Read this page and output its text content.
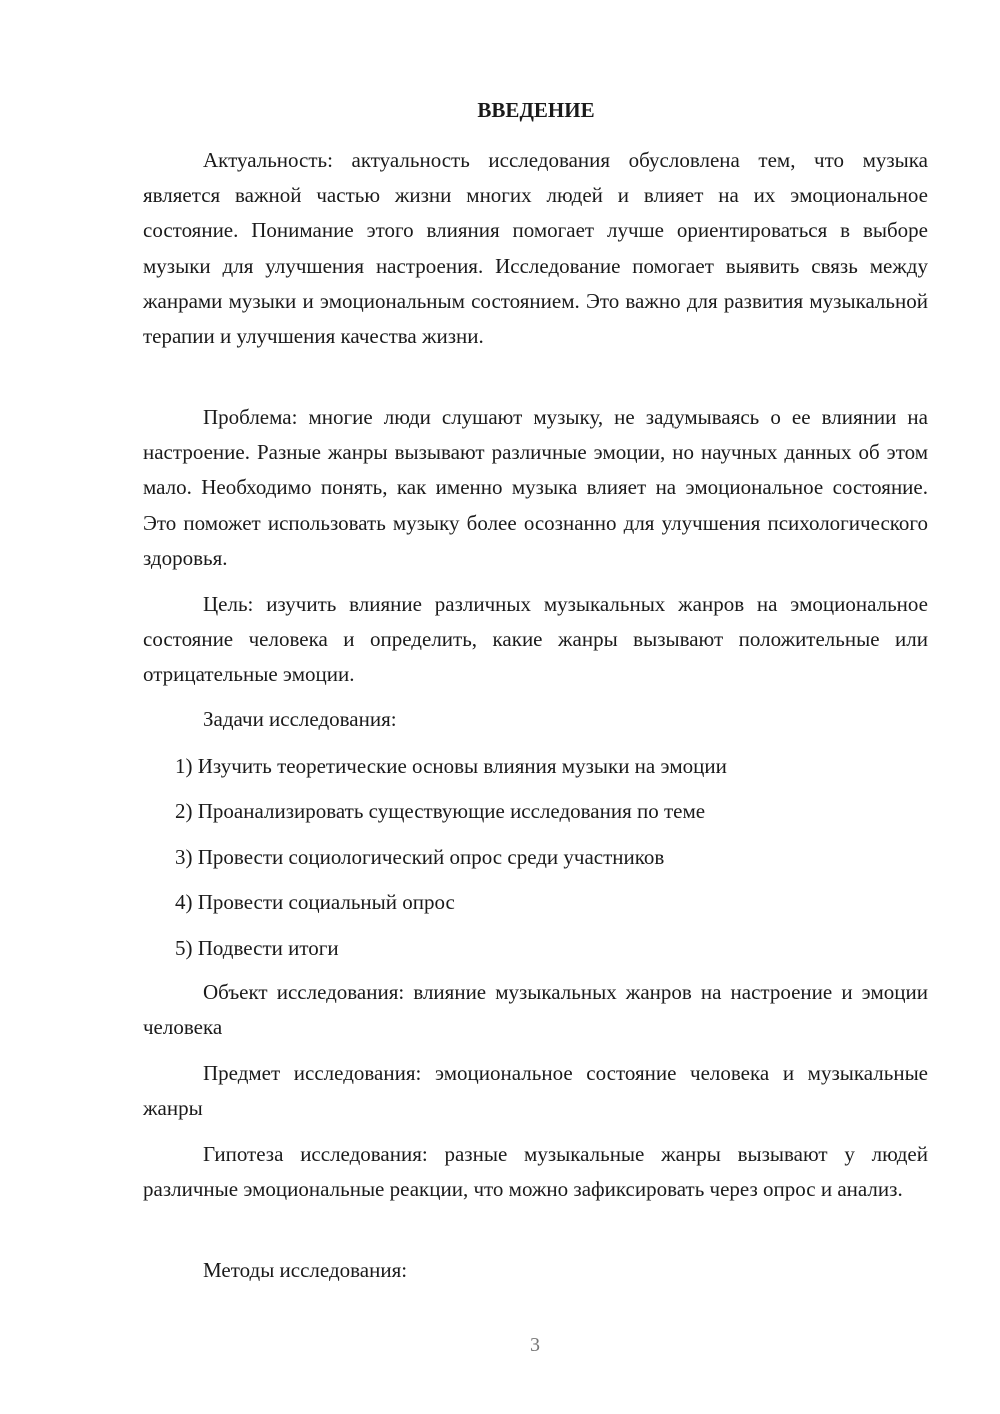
ВВЕДЕНИЕ
Актуальность: актуальность исследования обусловлена тем, что музыка является важной частью жизни многих людей и влияет на их эмоциональное состояние. Понимание этого влияния помогает лучше ориентироваться в выборе музыки для улучшения настроения. Исследование помогает выявить связь между жанрами музыки и эмоциональным состоянием. Это важно для развития музыкальной терапии и улучшения качества жизни.
Проблема: многие люди слушают музыку, не задумываясь о ее влиянии на настроение. Разные жанры вызывают различные эмоции, но научных данных об этом мало. Необходимо понять, как именно музыка влияет на эмоциональное состояние. Это поможет использовать музыку более осознанно для улучшения психологического здоровья.
Цель: изучить влияние различных музыкальных жанров на эмоциональное состояние человека и определить, какие жанры вызывают положительные или отрицательные эмоции.
Задачи исследования:
1) Изучить теоретические основы влияния музыки на эмоции
2) Проанализировать существующие исследования по теме
3) Провести социологический опрос среди участников
4) Провести социальный опрос
5) Подвести итоги
Объект исследования: влияние музыкальных жанров на настроение и эмоции человека
Предмет исследования: эмоциональное состояние человека и музыкальные жанры
Гипотеза исследования: разные музыкальные жанры вызывают у людей различные эмоциональные реакции, что можно зафиксировать через опрос и анализ.
Методы исследования:
3
